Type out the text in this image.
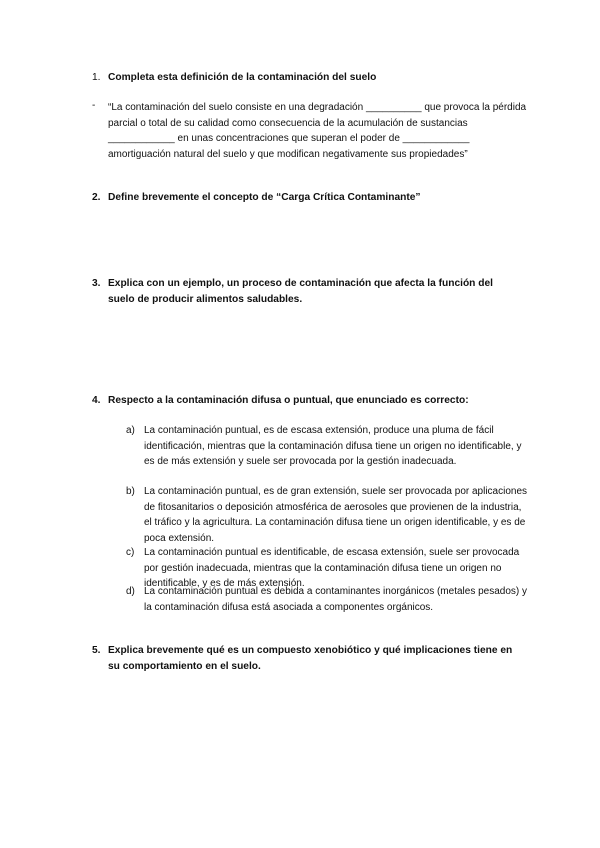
1. Completa esta definición de la contaminación del suelo
- “La contaminación del suelo consiste en una degradación __________ que provoca la pérdida parcial o total de su calidad como consecuencia de la acumulación de sustancias ____________ en unas concentraciones que superan el poder de ____________ amortiguación natural del suelo y que modifican negativamente sus propiedades”
2. Define brevemente el concepto de “Carga Crítica Contaminante”
3. Explica con un ejemplo, un proceso de contaminación que afecta la función del suelo de producir alimentos saludables.
4. Respecto a la contaminación difusa o puntual, que enunciado es correcto:
a) La contaminación puntual, es de escasa extensión, produce una pluma de fácil identificación, mientras que la contaminación difusa tiene un origen no identificable, y es de más extensión y suele ser provocada por la gestión inadecuada.
b) La contaminación puntual, es de gran extensión, suele ser provocada por aplicaciones de fitosanitarios o deposición atmosférica de aerosoles que provienen de la industria, el tráfico y la agricultura. La contaminación difusa tiene un origen identificable, y es de poca extensión.
c) La contaminación puntual es identificable, de escasa extensión, suele ser provocada por gestión inadecuada, mientras que la contaminación difusa tiene un origen no identificable, y es de más extensión.
d) La contaminación puntual es debida a contaminantes inorgánicos (metales pesados) y la contaminación difusa está asociada a componentes orgánicos.
5. Explica brevemente qué es un compuesto xenobiótico y qué implicaciones tiene en su comportamiento en el suelo.
